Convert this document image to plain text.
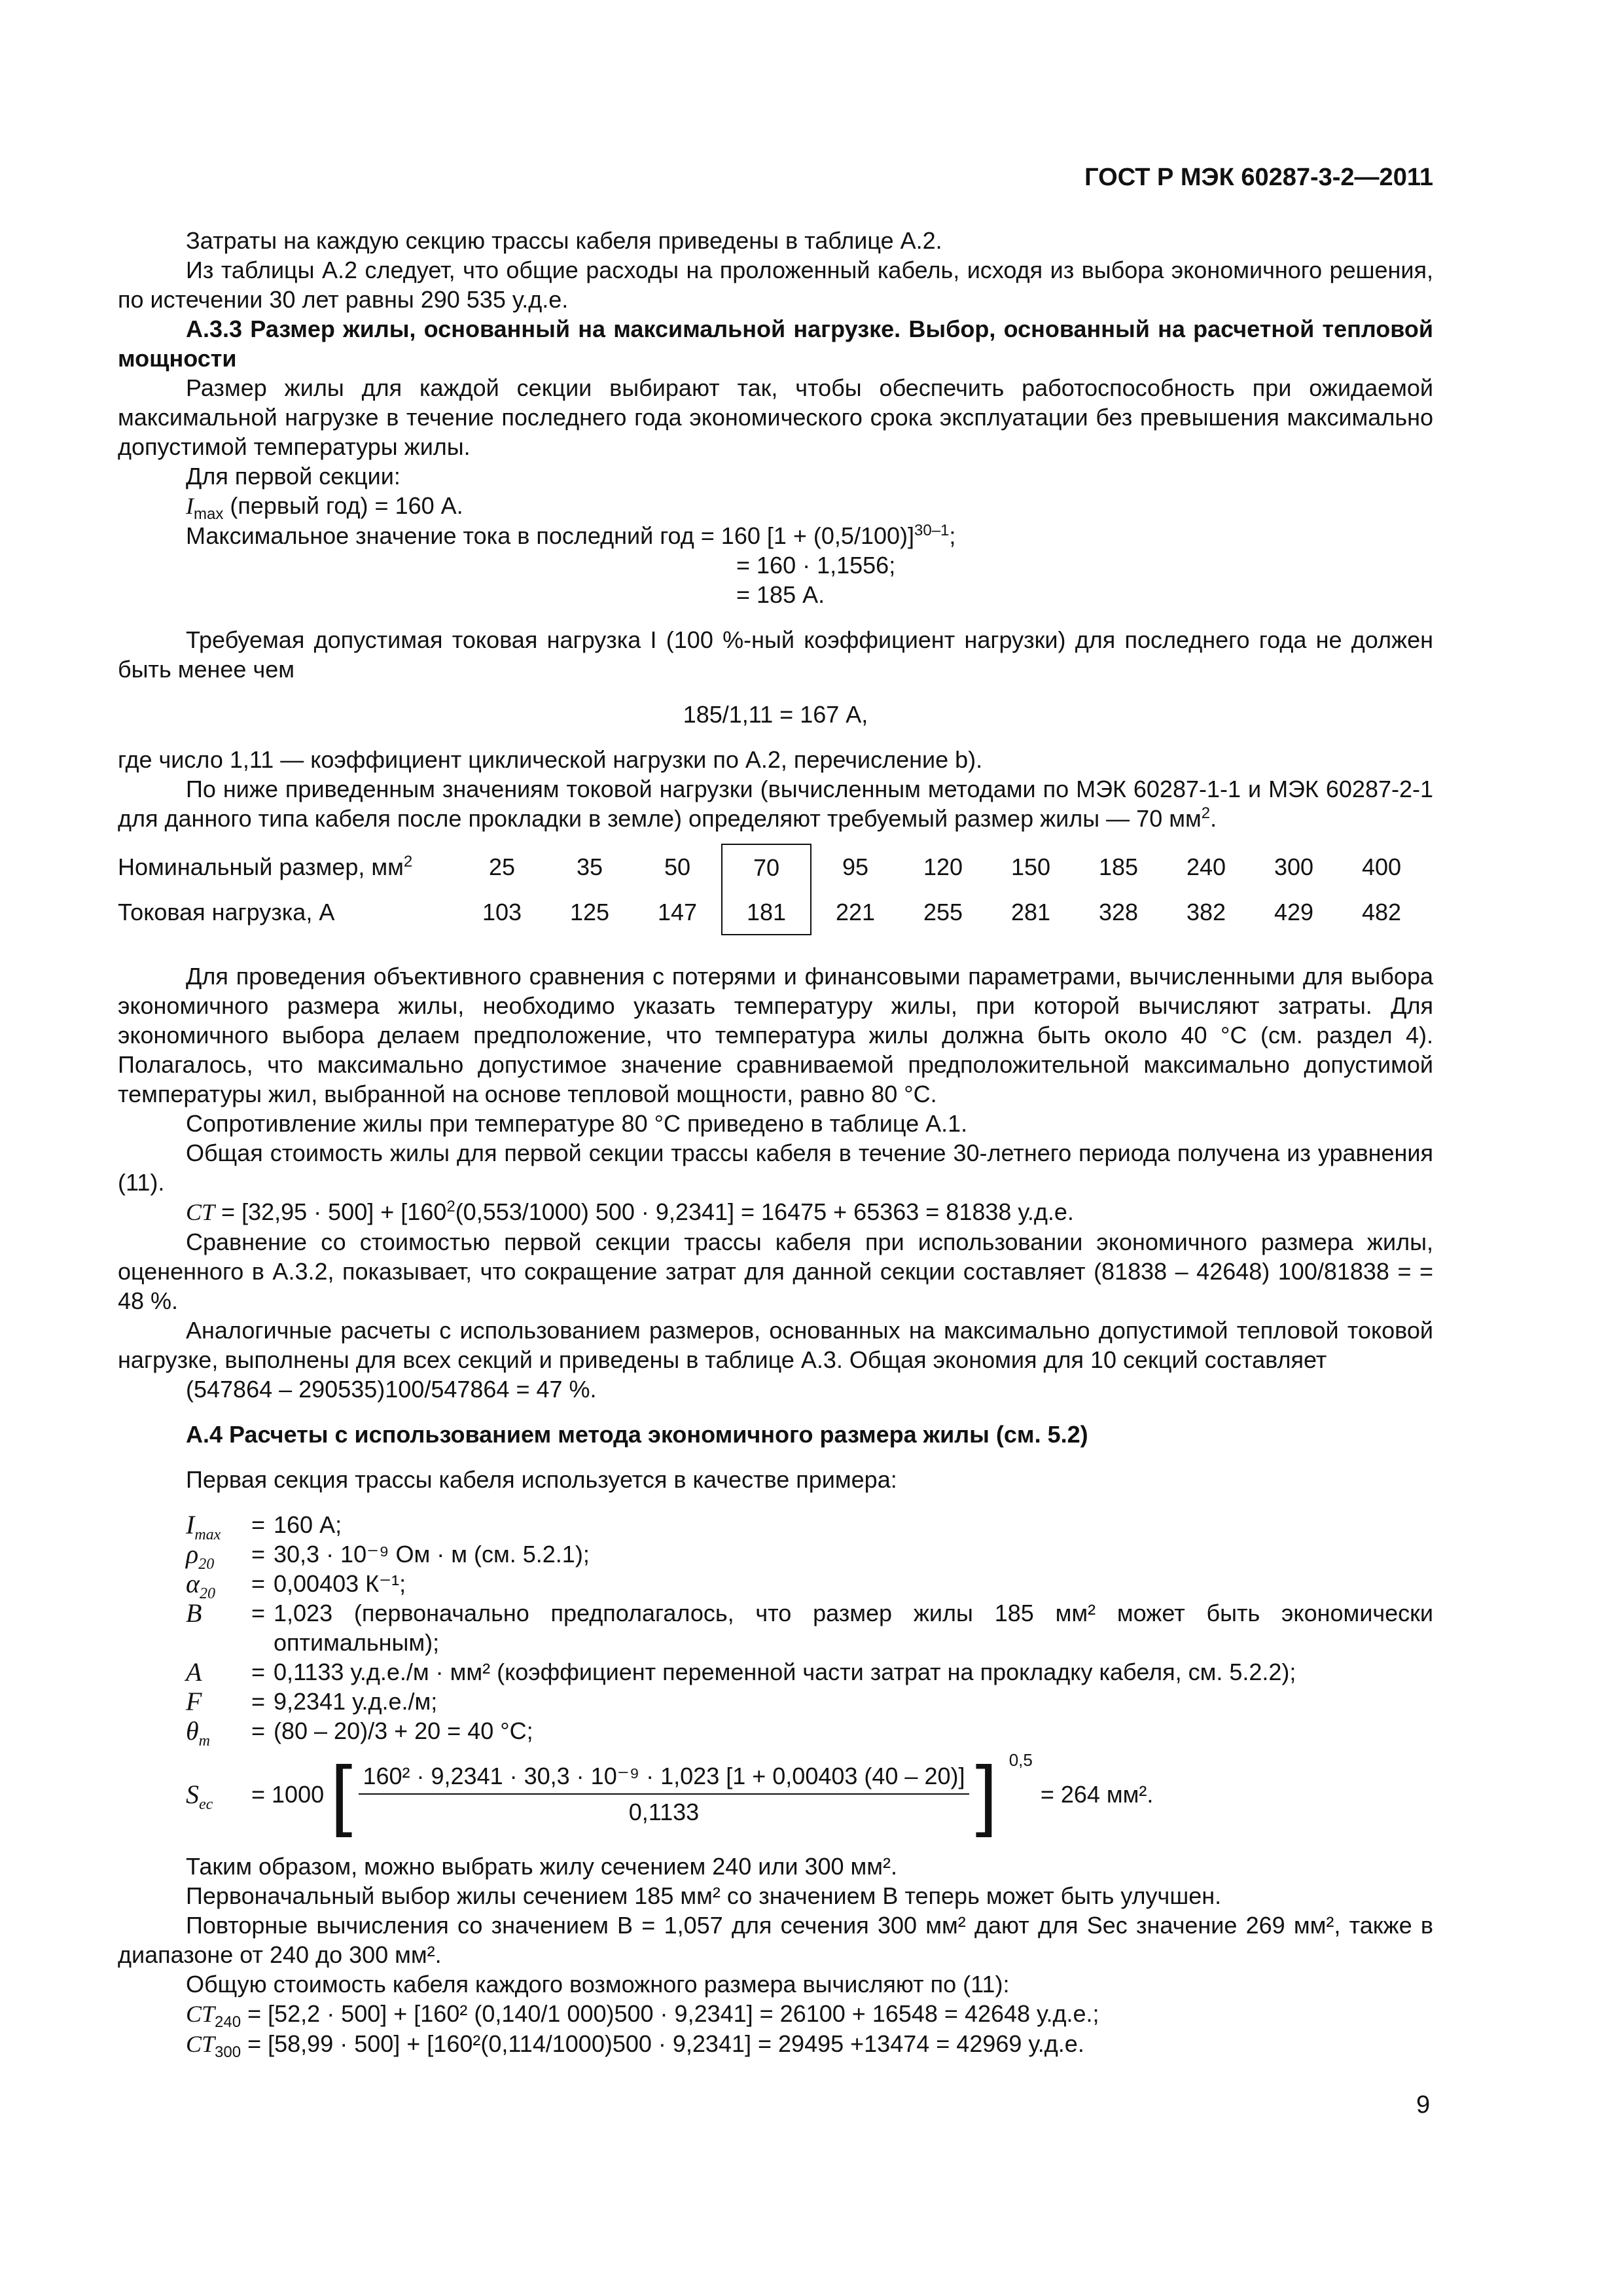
ГОСТ Р МЭК 60287-3-2—2011

Затраты на каждую секцию трассы кабеля приведены в таблице А.2.

Из таблицы А.2 следует, что общие расходы на проложенный кабель, исходя из выбора экономичного решения, по истечении 30 лет равны 290 535 у.д.е.

А.3.3 Размер жилы, основанный на максимальной нагрузке. Выбор, основанный на расчетной тепловой мощности

Размер жилы для каждой секции выбирают так, чтобы обеспечить работоспособность при ожидаемой максимальной нагрузке в течение последнего года экономического срока эксплуатации без превышения максимально допустимой температуры жилы.

Для первой секции:

$I_{max}$ (первый год) = 160 А.

Максимальное значение тока в последний год = 160 $[1 + (0,5/100)]^{30-1}$;

= 160 · 1,1556;

= 185 А.

Требуемая допустимая токовая нагрузка I (100 %-ный коэффициент нагрузки) для последнего года не должен быть менее чем

185/1,11 = 167 А,

где число 1,11 — коэффициент циклической нагрузки по А.2, перечисление b).

По ниже приведенным значениям токовой нагрузки (вычисленным методами по МЭК 60287-1-1 и МЭК 60287-2-1 для данного типа кабеля после прокладки в земле) определяют требуемый размер жилы — 70 $мм^2$.

Номинальный размер, $мм^2$	25	35	50	70	95	120	150	185	240	300	400
Токовая нагрузка, А	103	125	147	181	221	255	281	328	382	429	482

Для проведения объективного сравнения с потерями и финансовыми параметрами, вычисленными для выбора экономичного размера жилы, необходимо указать температуру жилы, при которой вычисляют затраты. Для экономичного выбора делаем предположение, что температура жилы должна быть около 40 °С (см. раздел 4). Полагалось, что максимально допустимое значение сравниваемой предположительной максимально допустимой температуры жил, выбранной на основе тепловой мощности, равно 80 °С.

Сопротивление жилы при температуре 80 °С приведено в таблице А.1.

Общая стоимость жилы для первой секции трассы кабеля в течение 30-летнего периода получена из уравнения (11).

CT = $[32,95 \cdot 500] + [160^2(0,553/1000) 500 \cdot 9,2341] = 16475 + 65363 = 81838$ у.д.е.

Сравнение со стоимостью первой секции трассы кабеля при использовании экономичного размера жилы, оцененного в А.3.2, показывает, что сокращение затрат для данной секции составляет (81838 – 42648) 100/81838 = = 48 %.

Аналогичные расчеты с использованием размеров, основанных на максимально допустимой тепловой токовой нагрузке, выполнены для всех секций и приведены в таблице А.3. Общая экономия для 10 секций составляет

(547864 – 290535)100/547864 = 47 %.

А.4 Расчеты с использованием метода экономичного размера жилы (см. 5.2)

Первая секция трассы кабеля используется в качестве примера:

$I_{max}$	= 160 А;
$\rho_{20}$	= 30,3 · 10⁻⁹ Ом · м (см. 5.2.1);
$\alpha_{20}$	= 0,00403 К⁻¹;
B	= 1,023 (первоначально предполагалось, что размер жилы 185 мм² может быть экономически оптимальным);
A	= 0,1133 у.д.е./м · мм² (коэффициент переменной части затрат на прокладку кабеля, см. 5.2.2);
F	= 9,2341 у.д.е./м;
$\theta_m$	= (80 – 20)/3 + 20 = 40 °С;
$S_{ec}$	= 1000 [ $\frac{\text{160² · 9,2341 · 30,3 · 10⁻⁹ · 1,023 [1 + 0,00403 (40 – 20)]}}{0,1133}$ ] 0,5
= 264 мм².

Таким образом, можно выбрать жилу сечением 240 или 300 мм².

Первоначальный выбор жилы сечением 185 мм² со значением B теперь может быть улучшен.

Повторные вычисления со значением B = 1,057 для сечения 300 мм² дают для Sec значение 269 мм², также в диапазоне от 240 до 300 мм².

Общую стоимость кабеля каждого возможного размера вычисляют по (11):

$CT_{240} = [52,2 \cdot 500] + [160^2$ (0,140/1 000)500 · 9,2341] = 26100 + 16548 = 42648 у.д.е.;

$CT_{300} = [58,99 \cdot 500] + [160^2(0,114/1000)500 \cdot 9,2341] = 29495 +13474 = 42969$ у.д.е.

9
